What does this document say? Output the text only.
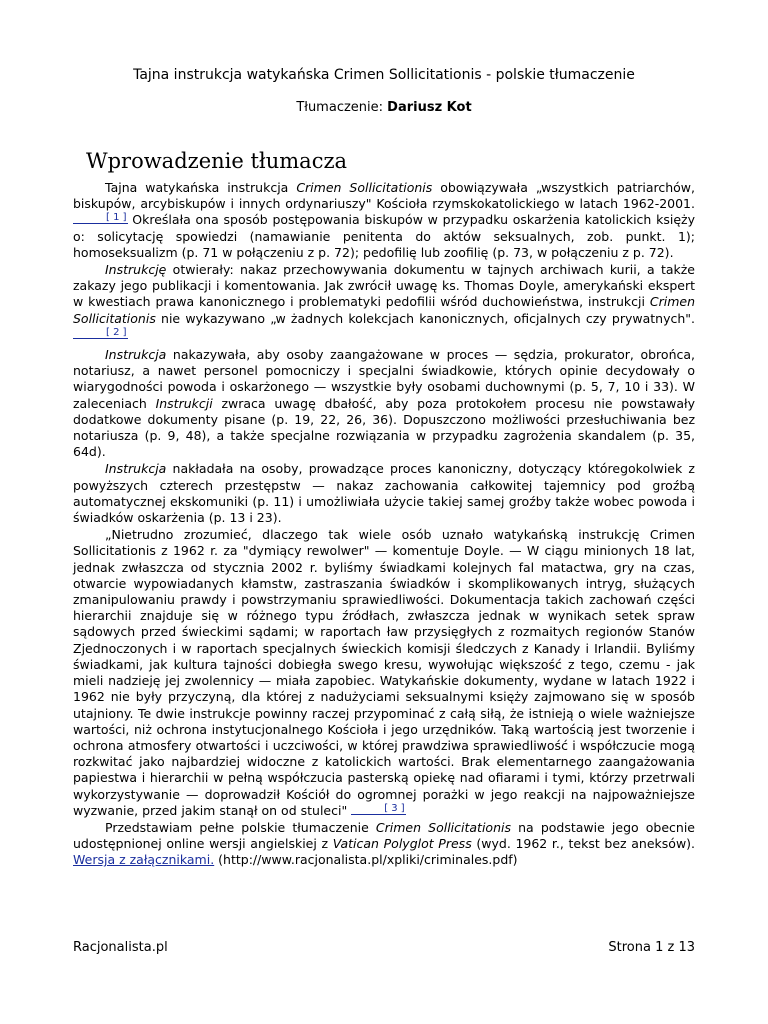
Tajna instrukcja watykańska Crimen Sollicitationis - polskie tłumaczenie
Tłumaczenie: Dariusz Kot
Wprowadzenie tłumacza

Tajna watykańska instrukcja Crimen Sollicitationis obowiązywała „wszystkich patriarchów, biskupów, arcybiskupów i innych ordynariuszy" Kościoła rzymskokatolickiego w latach 1962-2001. [ 1 ] Określała ona sposób postępowania biskupów w przypadku oskarżenia katolickich księży o: solicytację spowiedzi (namawianie penitenta do aktów seksualnych, zob. punkt. 1); homoseksualizm (p. 71 w połączeniu z p. 72); pedofilię lub zoofilię (p. 73, w połączeniu z p. 72).

Instrukcję otwierały: nakaz przechowywania dokumentu w tajnych archiwach kurii, a także zakazy jego publikacji i komentowania. Jak zwrócił uwagę ks. Thomas Doyle, amerykański ekspert w kwestiach prawa kanonicznego i problematyki pedofilii wśród duchowieństwa, instrukcji Crimen Sollicitationis nie wykazywano „w żadnych kolekcjach kanonicznych, oficjalnych czy prywatnych". [ 2 ]

Instrukcja nakazywała, aby osoby zaangażowane w proces — sędzia, prokurator, obrońca, notariusz, a nawet personel pomocniczy i specjalni świadkowie, których opinie decydowały o wiarygodności powoda i oskarżonego — wszystkie były osobami duchownymi (p. 5, 7, 10 i 33). W zaleceniach Instrukcji zwraca uwagę dbałość, aby poza protokołem procesu nie powstawały dodatkowe dokumenty pisane (p. 19, 22, 26, 36). Dopuszczono możliwości przesłuchiwania bez notariusza (p. 9, 48), a także specjalne rozwiązania w przypadku zagrożenia skandalem (p. 35, 64d).

Instrukcja nakładała na osoby, prowadzące proces kanoniczny, dotyczący któregokolwiek z powyższych czterech przestępstw — nakaz zachowania całkowitej tajemnicy pod groźbą automatycznej ekskomuniki (p. 11) i umożliwiała użycie takiej samej groźby także wobec powoda i świadków oskarżenia (p. 13 i 23).

„Nietrudno zrozumieć, dlaczego tak wiele osób uznało watykańską instrukcję Crimen Sollicitationis z 1962 r. za "dymiący rewolwer" — komentuje Doyle. — W ciągu minionych 18 lat, jednak zwłaszcza od stycznia 2002 r. byliśmy świadkami kolejnych fal matactwa, gry na czas, otwarcie wypowiadanych kłamstw, zastraszania świadków i skomplikowanych intryg, służących zmanipulowaniu prawdy i powstrzymaniu sprawiedliwości. Dokumentacja takich zachowań części hierarchii znajduje się w różnego typu źródłach, zwłaszcza jednak w wynikach setek spraw sądowych przed świeckimi sądami; w raportach ław przysięgłych z rozmaitych regionów Stanów Zjednoczonych i w raportach specjalnych świeckich komisji śledczych z Kanady i Irlandii. Byliśmy świadkami, jak kultura tajności dobiegła swego kresu, wywołując większość z tego, czemu - jak mieli nadzieję jej zwolennicy — miała zapobiec. Watykańskie dokumenty, wydane w latach 1922 i 1962 nie były przyczyną, dla której z nadużyciami seksualnymi księży zajmowano się w sposób utajniony. Te dwie instrukcje powinny raczej przypominać z całą siłą, że istnieją o wiele ważniejsze wartości, niż ochrona instytucjonalnego Kościoła i jego urzędników. Taką wartością jest tworzenie i ochrona atmosfery otwartości i uczciwości, w której prawdziwa sprawiedliwość i współczucie mogą rozkwitać jako najbardziej widoczne z katolickich wartości. Brak elementarnego zaangażowania papiestwa i hierarchii w pełną współczucia pasterską opiekę nad ofiarami i tymi, którzy przetrwali wykorzystywanie — doprowadził Kościół do ogromnej porażki w jego reakcji na najpoważniejsze wyzwanie, przed jakim stanął on od stuleci"	[ 3 ]

Przedstawiam pełne polskie tłumaczenie Crimen Sollicitationis na podstawie jego obecnie udostępnionej online wersji angielskiej z Vatican Polyglot Press (wyd. 1962 r., tekst bez aneksów). Wersja z załącznikami. (http://www.racjonalista.pl/xpliki/criminales.pdf)

Racjonalista.pl	Strona 1 z 13
